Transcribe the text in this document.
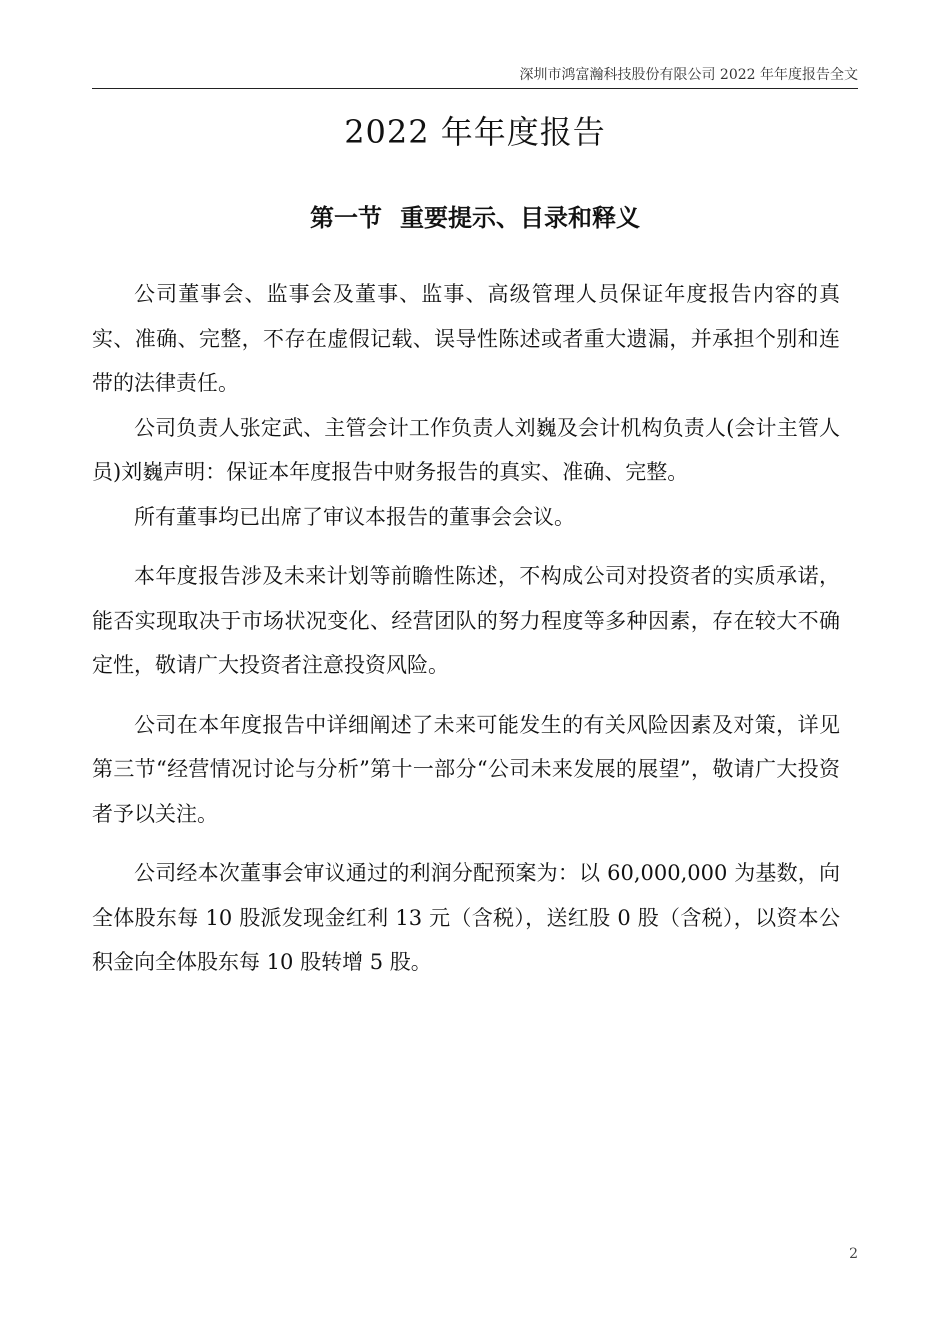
深圳市鸿富瀚科技股份有限公司 2022 年年度报告全文
2022 年年度报告
第一节 重要提示、目录和释义

公司董事会、监事会及董事、监事、高级管理人员保证年度报告内容的真实、准确、完整，不存在虚假记载、误导性陈述或者重大遗漏，并承担个别和连带的法律责任。

公司负责人张定武、主管会计工作负责人刘巍及会计机构负责人(会计主管人员)刘巍声明：保证本年度报告中财务报告的真实、准确、完整。

所有董事均已出席了审议本报告的董事会会议。

本年度报告涉及未来计划等前瞻性陈述，不构成公司对投资者的实质承诺，能否实现取决于市场状况变化、经营团队的努力程度等多种因素，存在较大不确定性，敬请广大投资者注意投资风险。

公司在本年度报告中详细阐述了未来可能发生的有关风险因素及对策，详见第三节“经营情况讨论与分析”第十一部分“公司未来发展的展望”，敬请广大投资者予以关注。

公司经本次董事会审议通过的利润分配预案为：以 60,000,000 为基数，向全体股东每 10 股派发现金红利 13 元（含税），送红股 0 股（含税），以资本公积金向全体股东每 10 股转增 5 股。

2
